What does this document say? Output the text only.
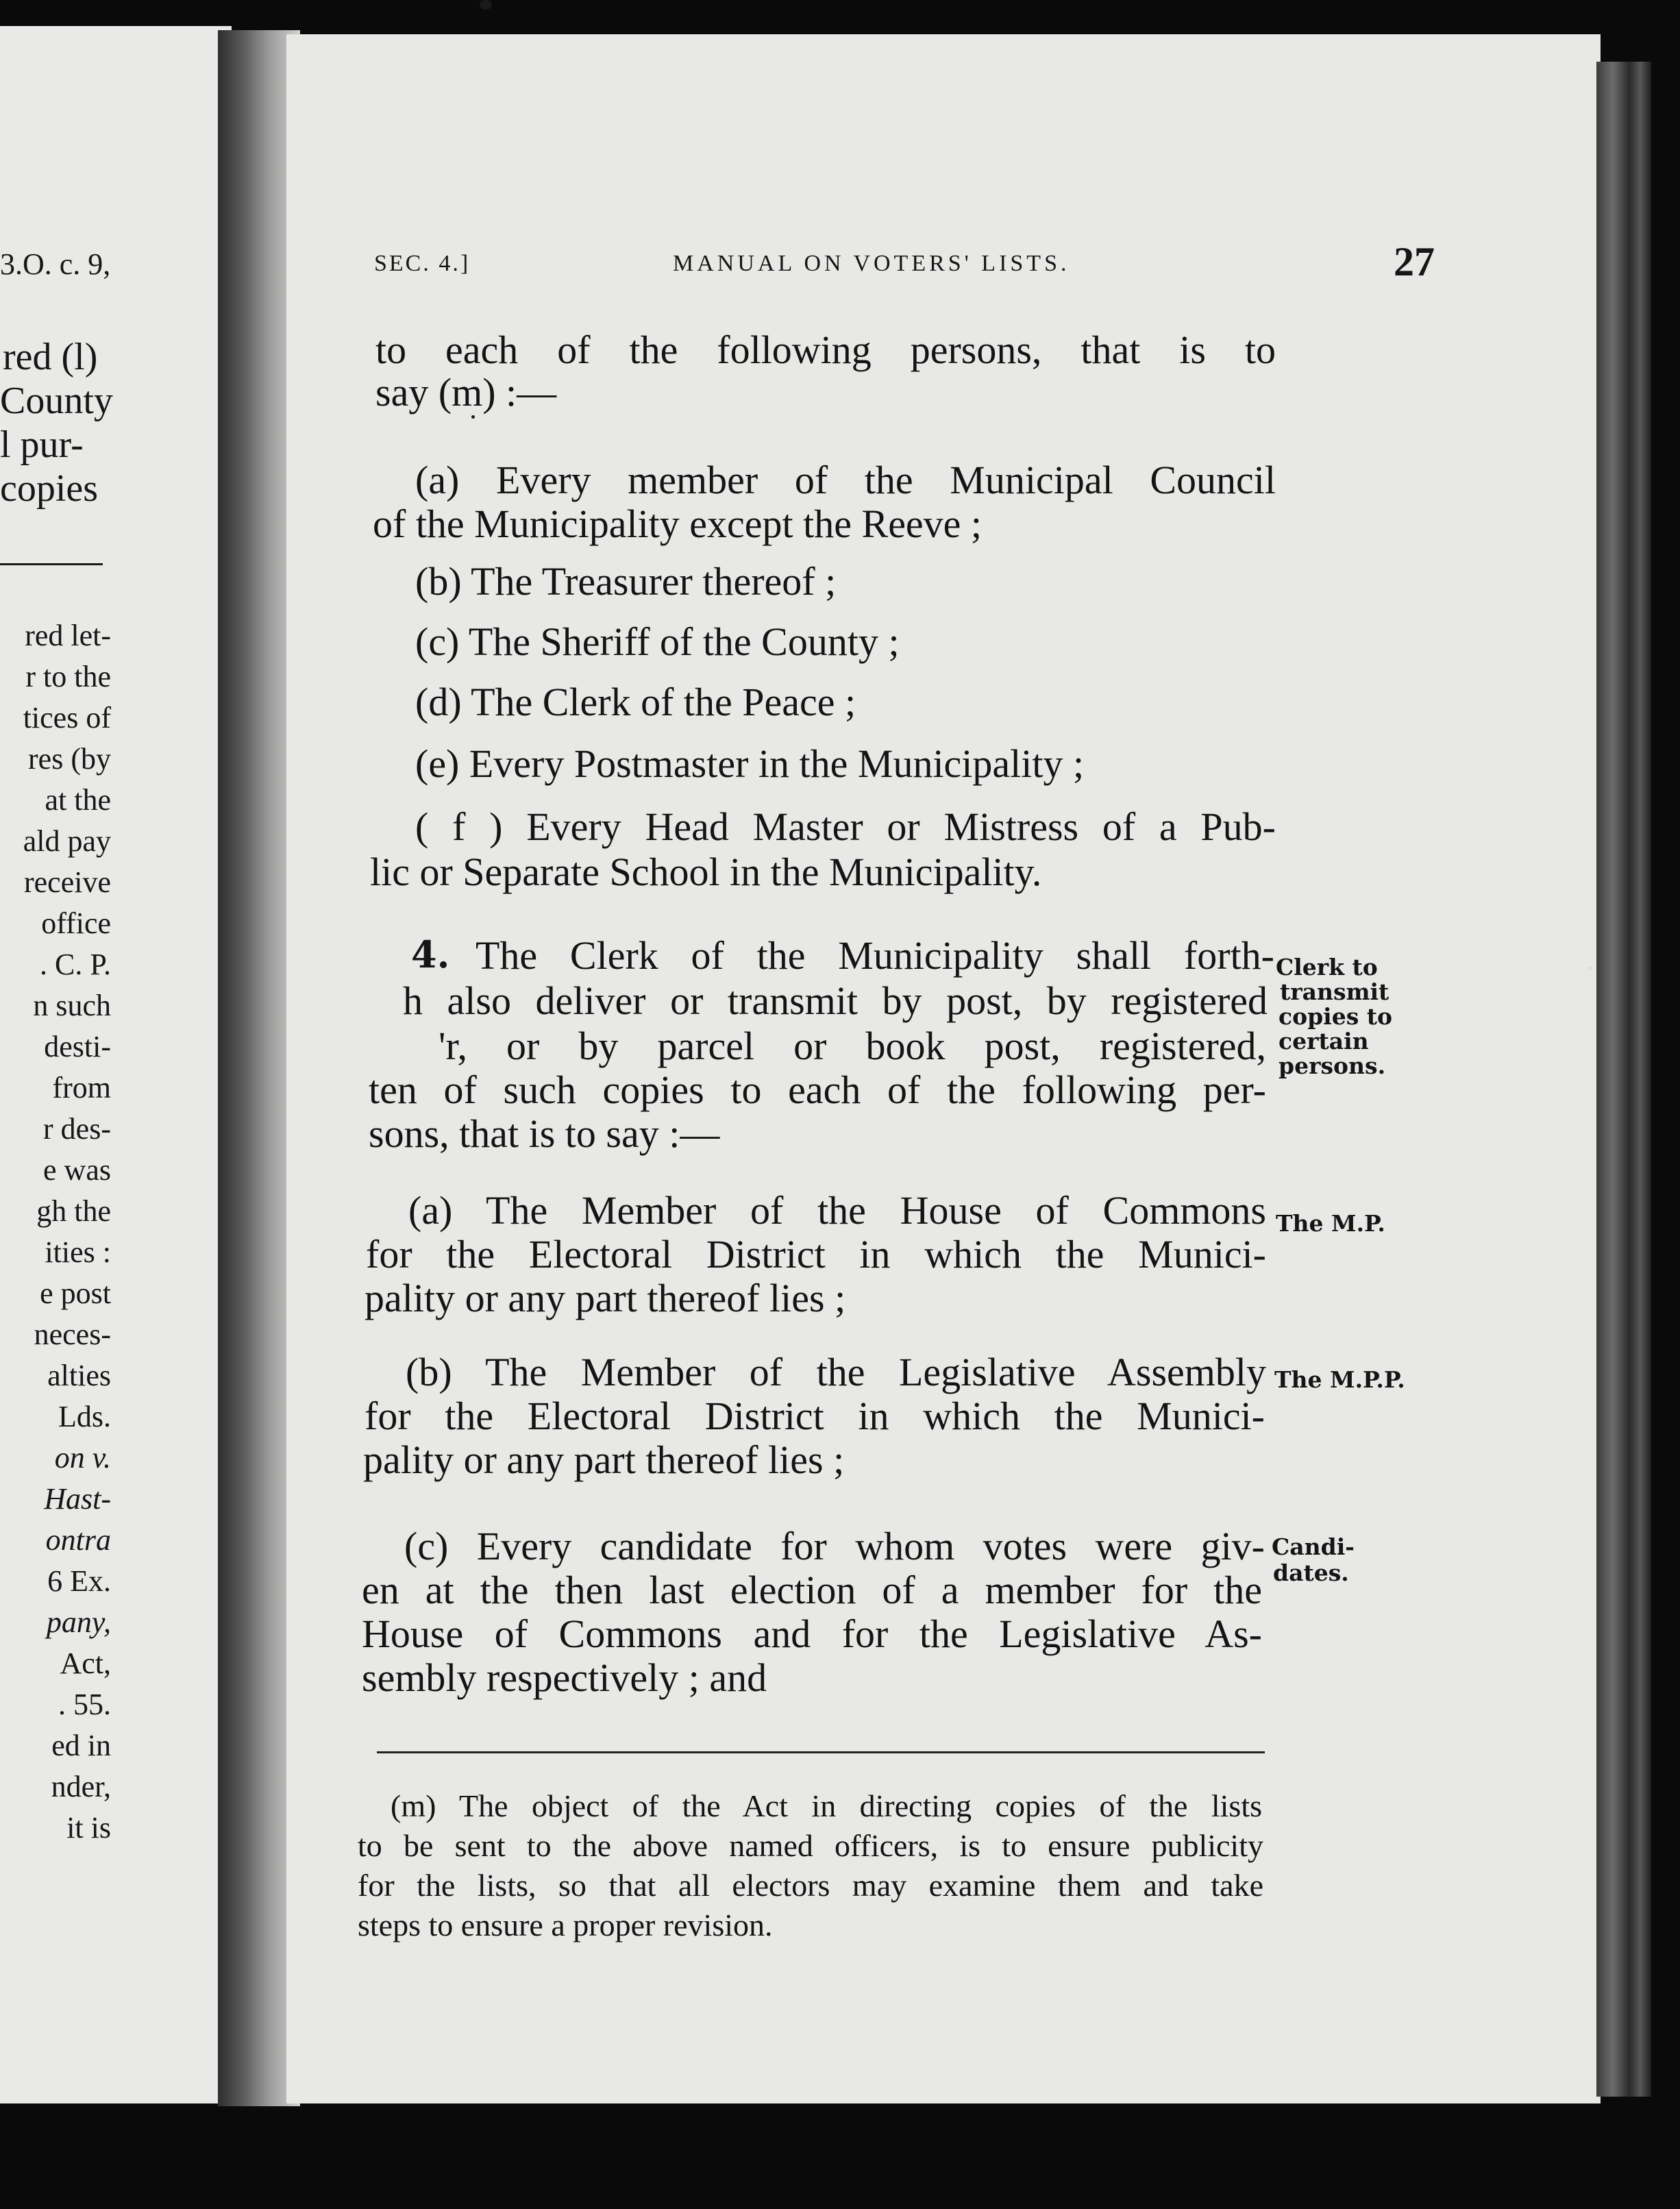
3.O. c. 9,
red (l)
County
l pur-
copies
red let-
r to the
tices of
res (by
at the
ald pay
receive
office
. C. P.
n such
desti-
from
r des-
e was
gh the
ities :
e post
neces-
alties
Lds.
on v.
Hast-
ontra
6 Ex.
pany,
Act,
. 55.
ed in
nder,
it is
SEC. 4.]	MANUAL ON VOTERS' LISTS.	27
to each of the following persons, that is to
say (m) :—
(a) Every member of the Municipal Council
of the Municipality except the Reeve ;
(b) The Treasurer thereof ;
(c) The Sheriff of the County ;
(d) The Clerk of the Peace ;
(e) Every Postmaster in the Municipality ;
( f ) Every Head Master or Mistress of a Pub-
lic or Separate School in the Municipality.
4. The Clerk of the Municipality shall forth-
h also deliver or transmit by post, by registered
'r, or by parcel or book post, registered,
ten of such copies to each of the following per-
sons, that is to say :—
Clerk to
transmit
copies to
certain
persons.
(a) The Member of the House of Commons
for the Electoral District in which the Munici-
pality or any part thereof lies ;
The M.P.
(b) The Member of the Legislative Assembly
for the Electoral District in which the Munici-
pality or any part thereof lies ;
The M.P.P.
(c) Every candidate for whom votes were giv-
en at the then last election of a member for the
House of Commons and for the Legislative As-
sembly respectively ; and
Candi-
dates.
(m) The object of the Act in directing copies of the lists
to be sent to the above named officers, is to ensure publicity
for the lists, so that all electors may examine them and take
steps to ensure a proper revision.
